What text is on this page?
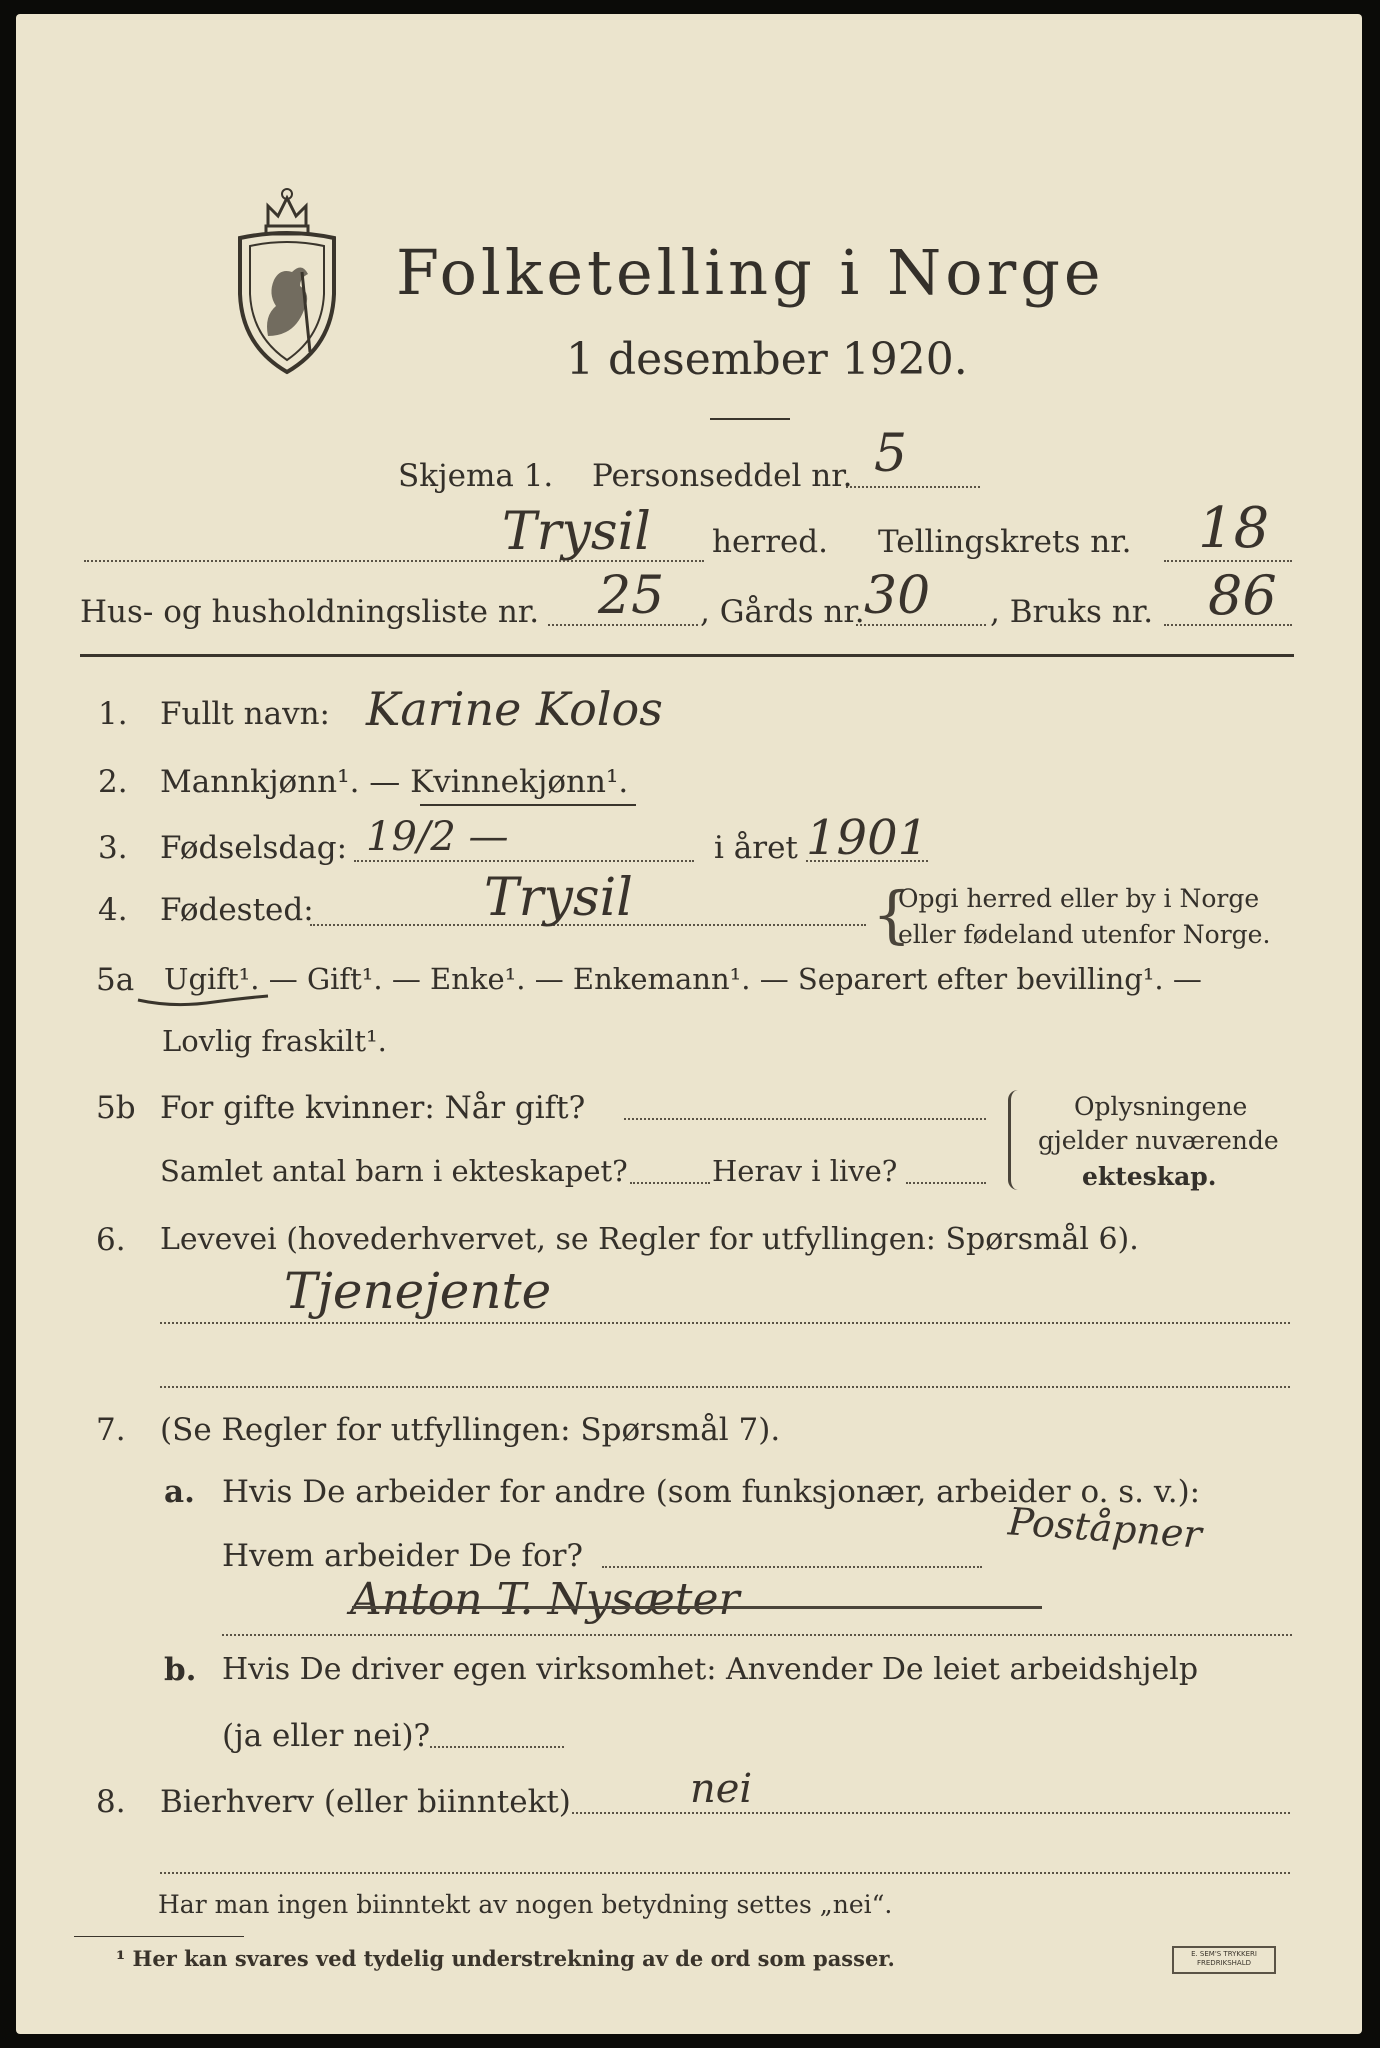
Folketelling i Norge
1 desember 1920.
Skjema 1. Personseddel nr. 5
Trysil herred. Tellingskrets nr. 18
Hus- og husholdningsliste nr. 25 , Gårds nr. 30 , Bruks nr. 86
1. Fullt navn: Karine Kolos
2. Mannkjønn¹. — Kvinnekjønn¹.
3. Fødselsdag: 19/2 —	i året 1901
4. Fødested:	Trysil	{
Opgi herred eller by i Norge
eller fødeland utenfor Norge.
5a Ugift¹. — Gift¹. — Enke¹. — Enkemann¹. — Separert efter bevilling¹. —
Lovlig fraskilt¹.
5b For gifte kvinner: Når gift?
Samlet antal barn i ekteskapet?	Herav i live?
Oplysningene
gjelder nuværende
ekteskap.
6. Levevei (hovederhvervet, se Regler for utfyllingen: Spørsmål 6).
Tjenejente
7. (Se Regler for utfyllingen: Spørsmål 7).
a. Hvis De arbeider for andre (som funksjonær, arbeider o. s. v.):
Hvem arbeider De for?	Poståpner
Anton T. Nysæter
b. Hvis De driver egen virksomhet: Anvender De leiet arbeidshjelp
(ja eller nei)?
8. Bierhverv (eller biinntekt)	nei
Har man ingen biinntekt av nogen betydning settes „nei“.
¹ Her kan svares ved tydelig understrekning av de ord som passer.	E. SEM'S TRYKKERI FREDRIKSHALD
